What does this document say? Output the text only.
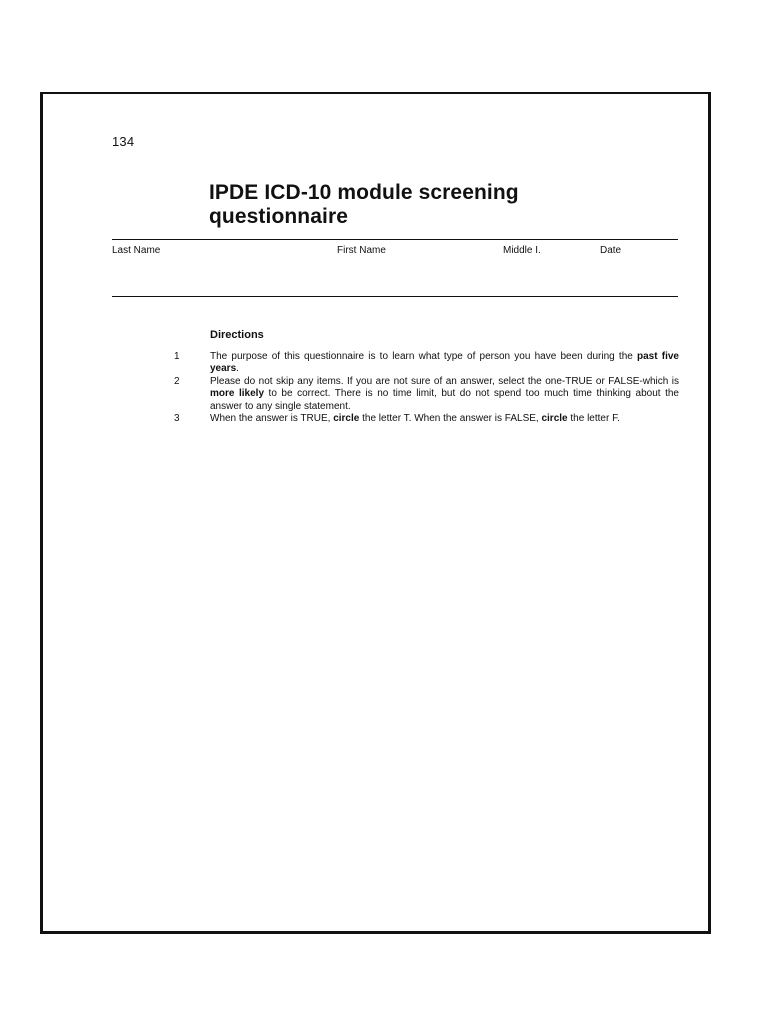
134
IPDE ICD-10 module screening
questionnaire
Last Name	First Name	Middle I.	Date
Directions
1	The purpose of this questionnaire is to learn what type of person you have been during the past five years.
2	Please do not skip any items. If you are not sure of an answer, select the one-TRUE or FALSE-which is more likely to be correct. There is no time limit, but do not spend too much time thinking about the answer to any single statement.
3	When the answer is TRUE, circle the letter T. When the answer is FALSE, circle the letter F.
